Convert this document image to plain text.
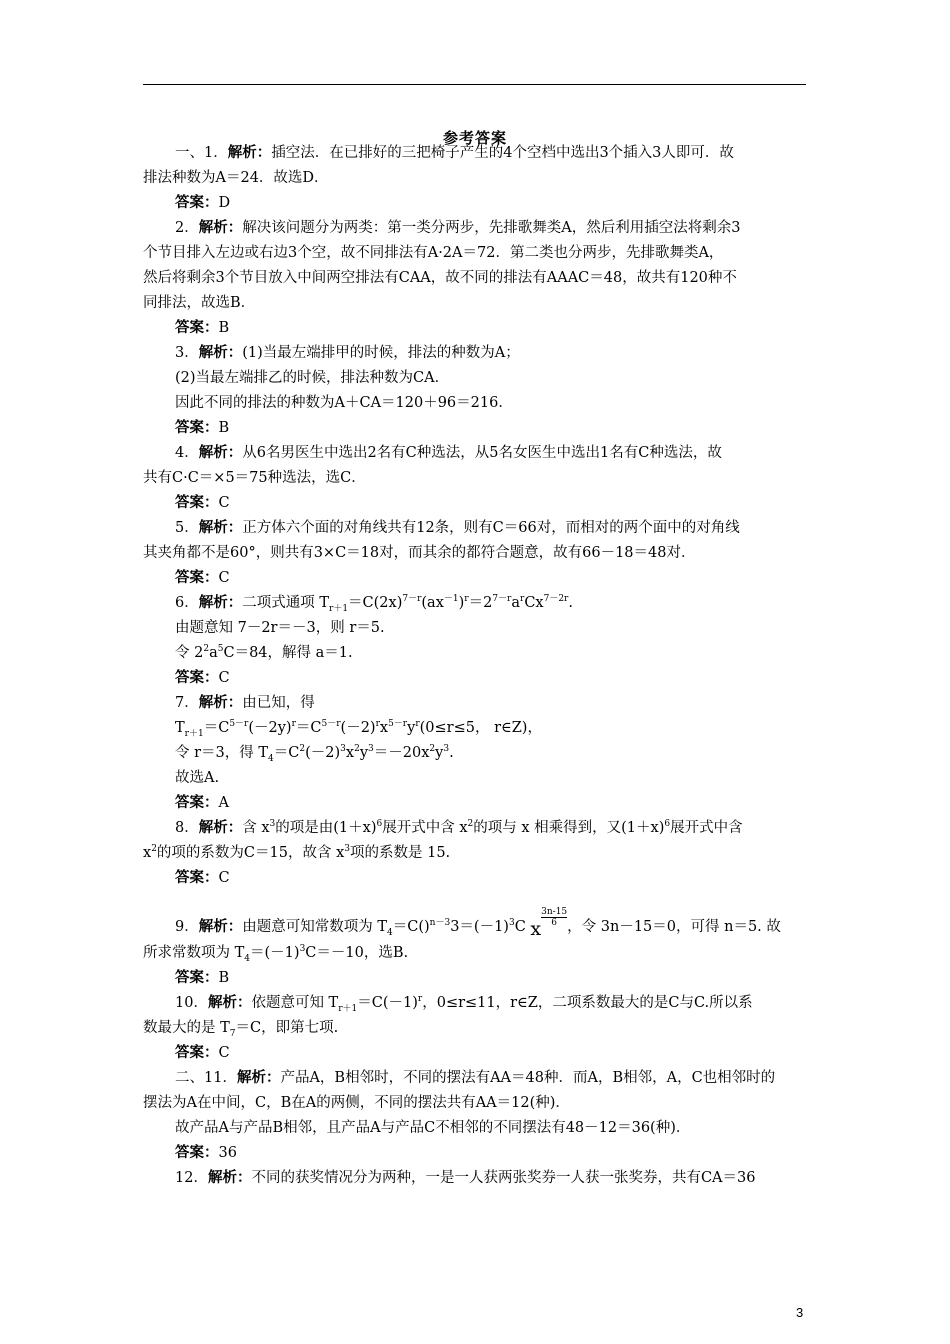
参考答案
一、1．解析：插空法．在已排好的三把椅子产生的4个空档中选出3个插入3人即可．故
排法种数为A＝24．故选D．
答案：D
2．解析：解决该问题分为两类：第一类分两步，先排歌舞类A，然后利用插空法将剩余3
个节目排入左边或右边3个空，故不同排法有A·2A＝72．第二类也分两步，先排歌舞类A，
然后将剩余3个节目放入中间两空排法有CAA，故不同的排法有AAAC＝48，故共有120种不
同排法，故选B．
答案：B
3．解析：(1)当最左端排甲的时候，排法的种数为A；
(2)当最左端排乙的时候，排法种数为CA．
因此不同的排法的种数为A＋CA＝120＋96＝216．
答案：B
4．解析：从6名男医生中选出2名有C种选法，从5名女医生中选出1名有C种选法，故
共有C·C＝×5＝75种选法，选C．
答案：C
5．解析：正方体六个面的对角线共有12条，则有C＝66对，而相对的两个面中的对角线
其夹角都不是60°，则共有3×C＝18对，而其余的都符合题意，故有66－18＝48对．
答案：C
6．解析：二项式通项 $T_{r+1}=C(2x)^{7-r}(ax^{-1})^r=2^{7-r}a^rCx^{7-2r}$.
由题意知 7－2r＝－3，则 r＝5.
令 $2^2a^5C=84$，解得 a＝1.
答案：C
7．解析：由已知，得
$T_{r+1}=C^{5-r}(-2y)^r=C^{5-r}(-2)^rx^{5-r}y^r(0\le r\le 5$， r∈Z)，
令 r＝3，得 $T_4=C^2(-2)^3x^2y^3=-20x^2y^3$.
故选A.
答案：A
8．解析：含 $x^3$的项是由$(1+x)^6$展开式中含 $x^2$的项与 x 相乘得到，又$(1+x)^6$展开式中含
$x^2$的项的系数为C＝15，故含 $x^3$项的系数是 15.
答案：C
9．解析：由题意可知常数项为 $T_4=C()^{n-3}3=(-1)^3C$ x
$\frac{3n-15}{6}$ ，令 3n－15＝0，可得 n＝5. 故
所求常数项为 $T_4=(-1)^3C=-10$，选B.
答案：B
10．解析：依题意可知 $T_{r+1}=C(-1)^r$，0≤r≤11，r∈Z，二项系数最大的是C与C.所以系
数最大的是 $T_7=C$，即第七项.
答案：C
二、11．解析：产品A，B相邻时，不同的摆法有AA＝48种．而A，B相邻，A，C也相邻时的
摆法为A在中间，C，B在A的两侧，不同的摆法共有AA＝12(种)．
故产品A与产品B相邻，且产品A与产品C不相邻的不同摆法有48－12＝36(种)．
答案：36
12．解析：不同的获奖情况分为两种，一是一人获两张奖券一人获一张奖券，共有CA＝36
3
